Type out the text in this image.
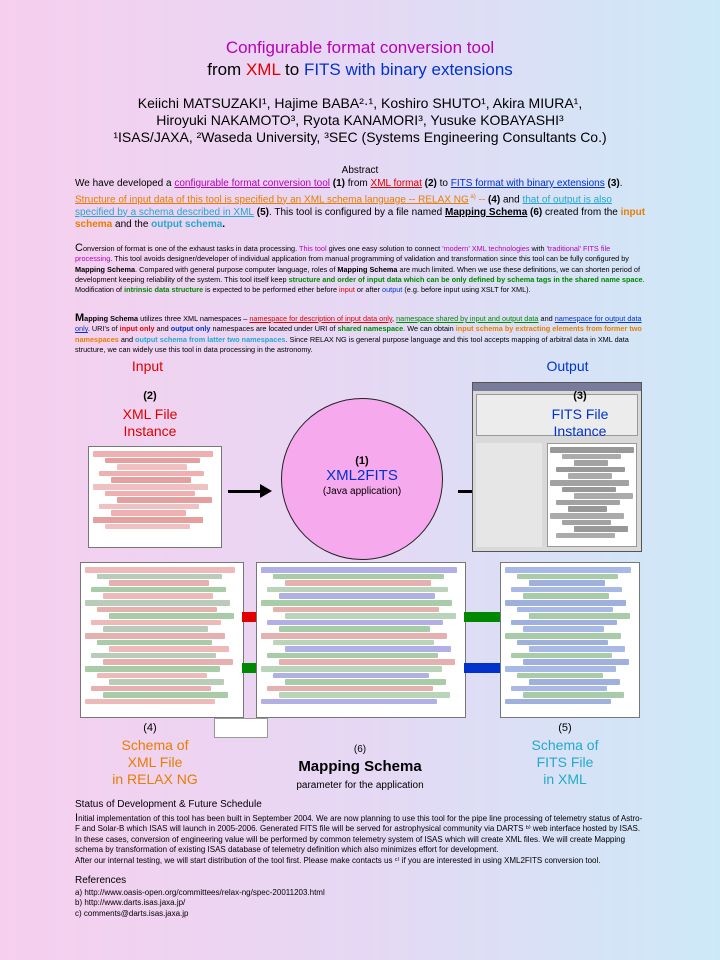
Configurable format conversion tool
from XML to FITS with binary extensions
Keiichi MATSUZAKI¹, Hajime BABA²·¹, Koshiro SHUTO¹, Akira MIURA¹,
Hiroyuki NAKAMOTO³, Ryota KANAMORI³, Yusuke KOBAYASHI³
¹ISAS/JAXA, ²Waseda University, ³SEC (Systems Engineering Consultants Co.)
Abstract
We have developed a configurable format conversion tool (1) from XML format (2) to FITS format with binary extensions (3). Structure of input data of this tool is specified by an XML schema language -- RELAX NG $^{a)}$ -- (4) and that of output is also specified by a schema described in XML (5). This tool is configured by a file named Mapping Schema (6) created from the input schema and the output schema.
Conversion of format is one of the exhaust tasks in data processing. This tool gives one easy solution to connect 'modern' XML technologies with 'traditional' FITS file processing. This tool avoids designer/developer of individual application from manual programming of validation and transformation since this tool can be fully configured by Mapping Schema. Compared with general purpose computer language, roles of Mapping Schema are much limited. When we use these definitions, we can shorten period of development keeping reliability of the system. This tool itself keep structure and order of input data which can be only defined by schema tags in the shared name space. Modification of intrinsic data structure is expected to be performed ether before input or after output (e.g. before input using XSLT for XML).
Mapping Schema utilizes three XML namespaces – namespace for description of input data only, namespace shared by input and output data and namespace for output data only. URI's of input only and output only namespaces are located under URI of shared namespace. We can obtain input schema by extracting elements from former two namespaces and output schema from latter two namespaces. Since RELAX NG is general purpose language and this tool accepts mapping of arbitral data in XML data structure, we can widely use this tool in data processing in the astronomy.
Input	Output
(2)
XML File
Instance
(1)
XML2FITS
(Java application)
(3)
FITS File
Instance
(4)
Schema of
XML File
in RELAX NG
(6)
Mapping Schema
parameter for the application
(5)
Schema of
FITS File
in XML
Status of Development & Future Schedule
Initial implementation of this tool has been built in September 2004. We are now planning to use this tool for the pipe line processing of telemetry status of Astro-F and Solar-B which ISAS will launch in 2005-2006. Generated FITS file will be served for astrophysical community via DARTS ᵇ⁾ web interface hosted by ISAS. In these cases, conversion of engineering value will be performed by common telemetry system of ISAS which will create XML files. We will create Mapping schema by transformation of existing ISAS database of telemetry definition which also minimizes effort for development.
After our internal testing, we will start distribution of the tool first. Please make contacts us ᶜ⁾ if you are interested in using XML2FITS conversion tool.
References
a) http://www.oasis-open.org/committees/relax-ng/spec-20011203.html
b) http://www.darts.isas.jaxa.jp/
c) comments@darts.isas.jaxa.jp
